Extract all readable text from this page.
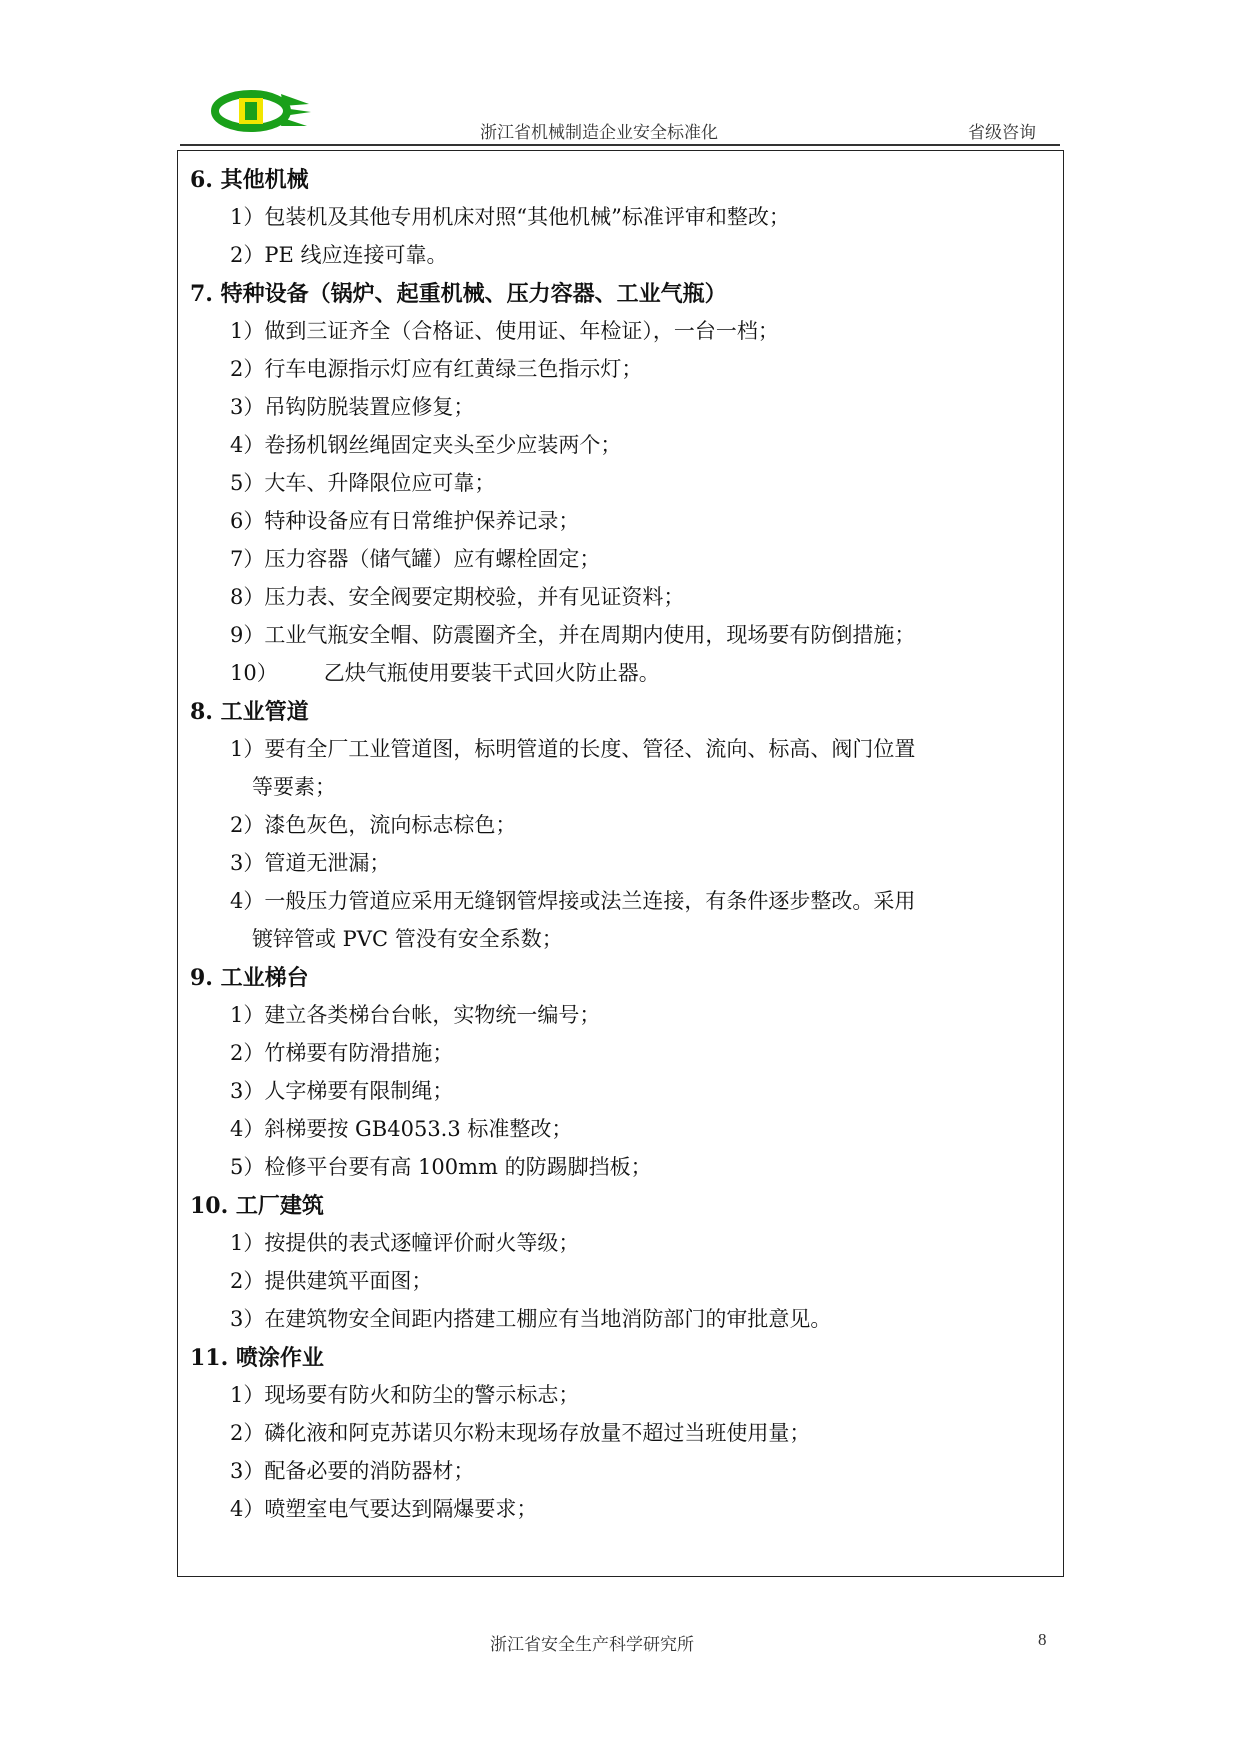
浙江省机械制造企业安全标准化	省级咨询
6. 其他机械
1）包装机及其他专用机床对照“其他机械”标准评审和整改；
2）PE 线应连接可靠。
7. 特种设备（锅炉、起重机械、压力容器、工业气瓶）
1）做到三证齐全（合格证、使用证、年检证），一台一档；
2）行车电源指示灯应有红黄绿三色指示灯；
3）吊钩防脱装置应修复；
4）卷扬机钢丝绳固定夹头至少应装两个；
5）大车、升降限位应可靠；
6）特种设备应有日常维护保养记录；
7）压力容器（储气罐）应有螺栓固定；
8）压力表、安全阀要定期校验，并有见证资料；
9）工业气瓶安全帽、防震圈齐全，并在周期内使用，现场要有防倒措施；
10） 乙炔气瓶使用要装干式回火防止器。
8. 工业管道
1）要有全厂工业管道图，标明管道的长度、管径、流向、标高、阀门位置
等要素；
2）漆色灰色，流向标志棕色；
3）管道无泄漏；
4）一般压力管道应采用无缝钢管焊接或法兰连接，有条件逐步整改。采用
镀锌管或 PVC 管没有安全系数；
9. 工业梯台
1）建立各类梯台台帐，实物统一编号；
2）竹梯要有防滑措施；
3）人字梯要有限制绳；
4）斜梯要按 GB4053.3 标准整改；
5）检修平台要有高 100mm 的防踢脚挡板；
10. 工厂建筑
1）按提供的表式逐幢评价耐火等级；
2）提供建筑平面图；
3）在建筑物安全间距内搭建工棚应有当地消防部门的审批意见。
11. 喷涂作业
1）现场要有防火和防尘的警示标志；
2）磷化液和阿克苏诺贝尔粉末现场存放量不超过当班使用量；
3）配备必要的消防器材；
4）喷塑室电气要达到隔爆要求；
浙江省安全生产科学研究所	8
